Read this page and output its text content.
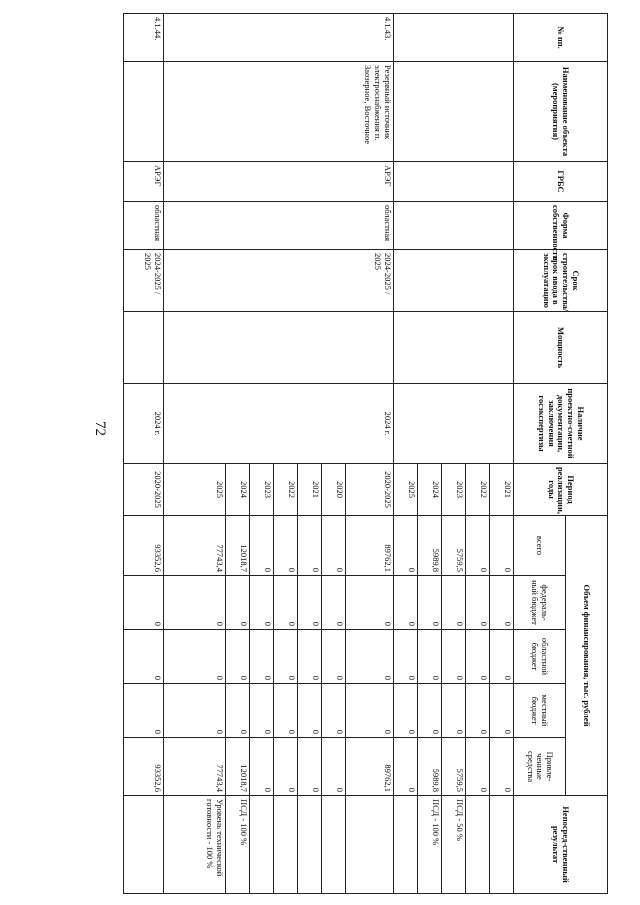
72
№ пп.	Наименование объекта (мероприятия)	ГРБС	Форма собственности	Срок строительства/ срок ввода в эксплуатацию	Мощность	Наличие проектно-сметной документации, заключения госэкспертизы	Период реализации, годы	Объем финансирования, тыс. рублей					Непосред-ственный результат
								всего	федераль-ный бюджет	областной бюджет	местный бюджет	Привле-ченные средства	
							2021	0	0	0	0	0	
							2022	0	0	0	0	0	
							2023	5759,5	0	0	0	5759,5	ПСД - 50 %
							2024	5989,8	0	0	0	5989,8	ПСД - 100 %
							2025	0	0	0	0	0	
4.1.43.	Резервный источник электроснабжения п. Заозерное, Восточное	АРЭГ	областная	2024-2025 / 2025		2024 г.	2020-2025	89762,1	0	0	0	89762,1	
							2020	0	0	0	0	0	
							2021	0	0	0	0	0	
							2022	0	0	0	0	0	
							2023	0	0	0	0	0	
							2024	12018,7	0	0	0	12018,7	ПСД - 100 %
							2025	77743,4	0	0	0	77743,4	Уровень технической готовности - 100 %
4.1.44.		АРЭГ	областная	2024-2025 / 2025		2024 г.	2020-2025	93352,6	0	0	0	93352,6	
